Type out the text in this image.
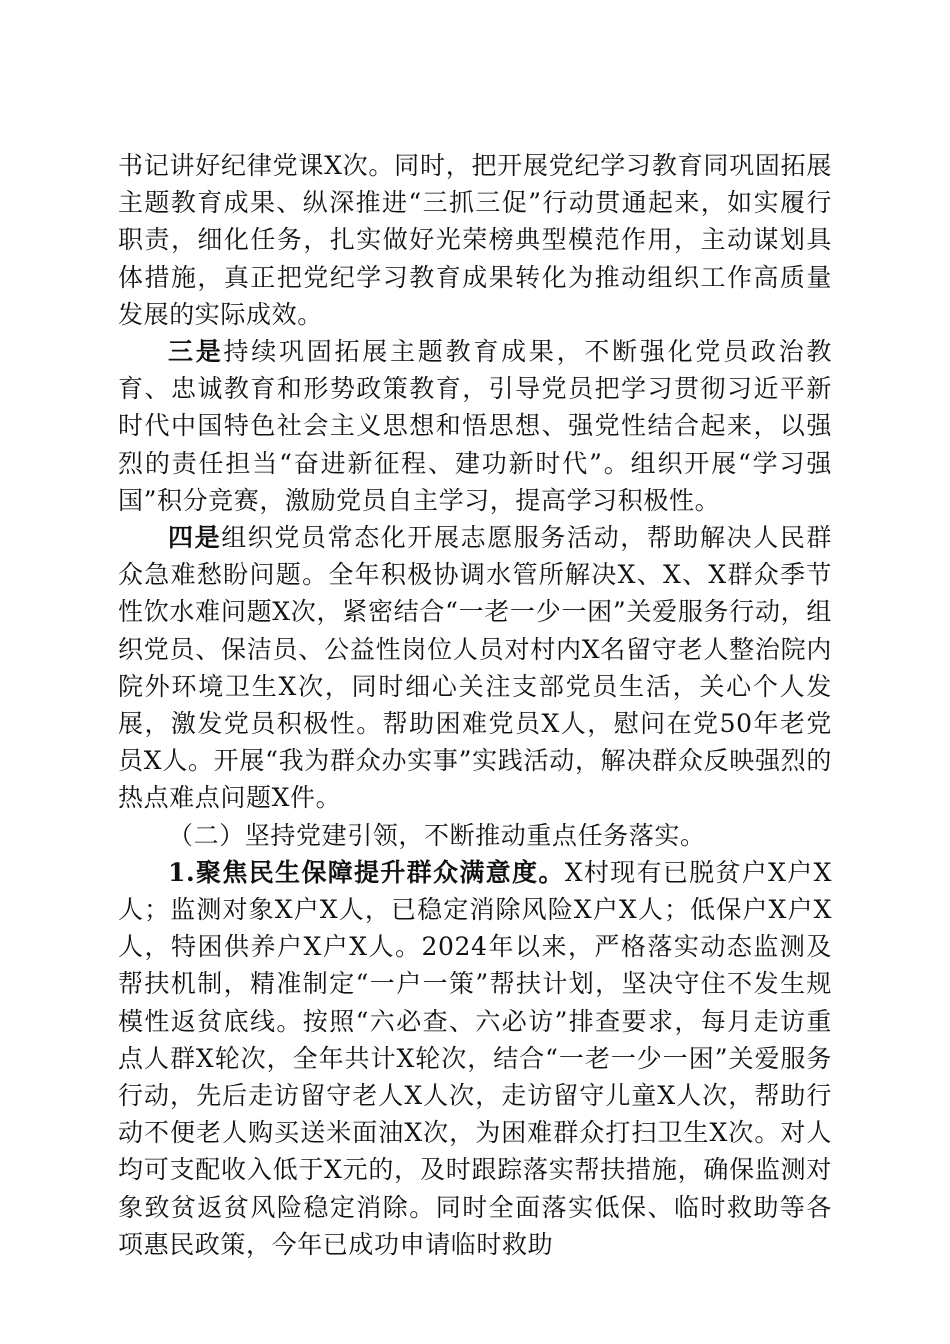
书记讲好纪律党课X次。同时，把开展党纪学习教育同巩固拓展主题教育成果、纵深推进“三抓三促”行动贯通起来，如实履行职责，细化任务，扎实做好光荣榜典型模范作用，主动谋划具体措施，真正把党纪学习教育成果转化为推动组织工作高质量发展的实际成效。

三是持续巩固拓展主题教育成果，不断强化党员政治教育、忠诚教育和形势政策教育，引导党员把学习贯彻习近平新时代中国特色社会主义思想和悟思想、强党性结合起来，以强烈的责任担当“奋进新征程、建功新时代”。组织开展“学习强国”积分竞赛，激励党员自主学习，提高学习积极性。

四是组织党员常态化开展志愿服务活动，帮助解决人民群众急难愁盼问题。全年积极协调水管所解决X、X、X群众季节性饮水难问题X次，紧密结合“一老一少一困”关爱服务行动，组织党员、保洁员、公益性岗位人员对村内X名留守老人整治院内院外环境卫生X次，同时细心关注支部党员生活，关心个人发展，激发党员积极性。帮助困难党员X人，慰问在党50年老党员X人。开展“我为群众办实事”实践活动，解决群众反映强烈的热点难点问题X件。

（二）坚持党建引领，不断推动重点任务落实。

1.聚焦民生保障提升群众满意度。X村现有已脱贫户X户X人；监测对象X户X人，已稳定消除风险X户X人；低保户X户X人，特困供养户X户X人。2024年以来，严格落实动态监测及帮扶机制，精准制定“一户一策”帮扶计划，坚决守住不发生规模性返贫底线。按照“六必查、六必访”排查要求，每月走访重点人群X轮次，全年共计X轮次，结合“一老一少一困”关爱服务行动，先后走访留守老人X人次，走访留守儿童X人次，帮助行动不便老人购买送米面油X次，为困难群众打扫卫生X次。对人均可支配收入低于X元的，及时跟踪落实帮扶措施，确保监测对象致贫返贫风险稳定消除。同时全面落实低保、临时救助等各项惠民政策，今年已成功申请临时救助
